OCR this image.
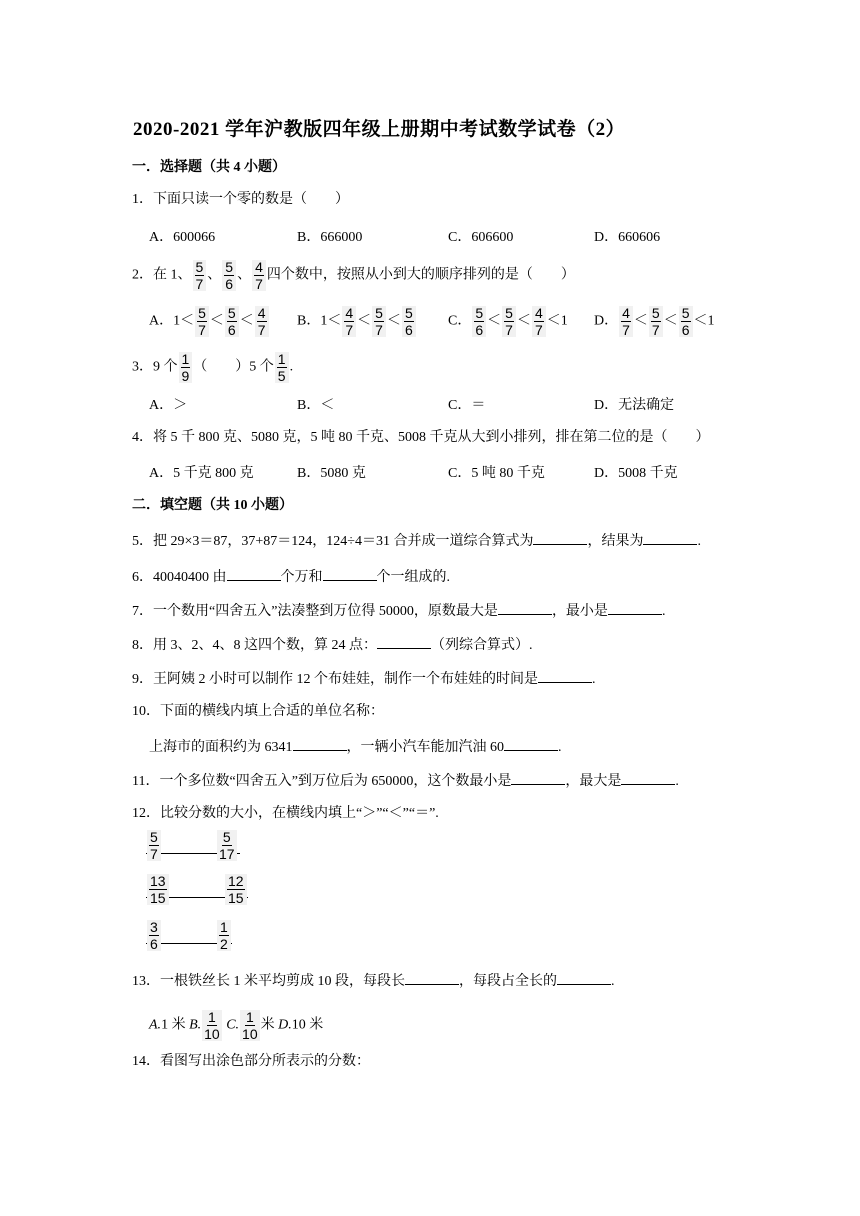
2020-2021 学年沪教版四年级上册期中考试数学试卷（2）
一．选择题（共 4 小题）
1．下面只读一个零的数是（　　）
A．600066	B．666000	C．606600	D．660606
2．在 1、 $\frac{5}{7}$ 、 $\frac{5}{6}$ 、 $\frac{4}{7}$ 四个数中，按照从小到大的顺序排列的是（　　）
A．$1< \frac{5}{7} < \frac{5}{6} < \frac{4}{7}$ B．$1< \frac{4}{7} < \frac{5}{7} < \frac{5}{6}$ C． $\frac{5}{6} < \frac{5}{7} < \frac{4}{7} <1$ D． $\frac{4}{7} < \frac{5}{7} < \frac{5}{6} <1$
3．9 个 $\frac{1}{9}$ （　　）5 个 $\frac{1}{5}$ .
A．＞	B．＜	C．＝	D．无法确定
4．将 5 千 800 克、5080 克，5 吨 80 千克、5008 千克从大到小排列，排在第二位的是（　　）
A．5 千克 800 克	B．5080 克	C．5 吨 80 千克	D．5008 千克
二．填空题（共 10 小题）
5．把 29×3＝87，37+87＝124，124÷4＝31 合并成一道综合算式为	，结果为	.
6．40040400 由	个万和	个一组成的.
7．一个数用“四舍五入”法凑整到万位得 50000，原数最大是	，最小是	.
8．用 3、2、4、8 这四个数，算 24 点：	（列综合算式）.
9．王阿姨 2 小时可以制作 12 个布娃娃，制作一个布娃娃的时间是	.
10．下面的横线内填上合适的单位名称：
上海市的面积约为 6341	，一辆小汽车能加汽油 60	.
11．一个多位数“四舍五入”到万位后为 650000，这个数最小是	，最大是	.
12．比较分数的大小，在横线内填上“＞”“＜”“＝”.
$\frac{5}{7}$	$\frac{5}{17}$
$\frac{13}{15}$	$\frac{12}{15}$
$\frac{3}{6}$	$\frac{1}{2}$
13．一根铁丝长 1 米平均剪成 10 段，每段长	，每段占全长的	.
A.1 米 B. $\frac{1}{10} C$. $\frac{1}{10}$ 米 D.10 米
14．看图写出涂色部分所表示的分数：
